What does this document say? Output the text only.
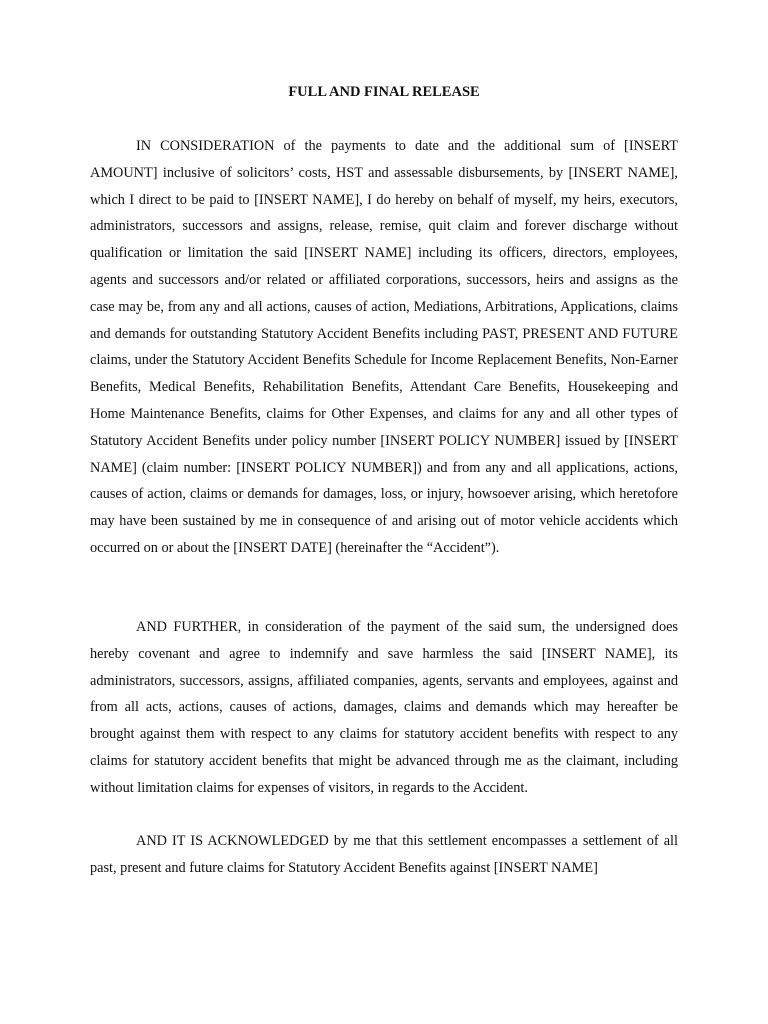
FULL AND FINAL RELEASE

IN CONSIDERATION of the payments to date and the additional sum of [INSERT AMOUNT] inclusive of solicitors’ costs, HST and assessable disbursements, by [INSERT NAME], which I direct to be paid to [INSERT NAME], I do hereby on behalf of myself, my heirs, executors, administrators, successors and assigns, release, remise, quit claim and forever discharge without qualification or limitation the said [INSERT NAME] including its officers, directors, employees, agents and successors and/or related or affiliated corporations, successors, heirs and assigns as the case may be, from any and all actions, causes of action, Mediations, Arbitrations, Applications, claims and demands for outstanding Statutory Accident Benefits including PAST, PRESENT AND FUTURE claims, under the Statutory Accident Benefits Schedule for Income Replacement Benefits, Non-Earner Benefits, Medical Benefits, Rehabilitation Benefits, Attendant Care Benefits, Housekeeping and Home Maintenance Benefits, claims for Other Expenses, and claims for any and all other types of Statutory Accident Benefits under policy number [INSERT POLICY NUMBER] issued by [INSERT NAME] (claim number: [INSERT POLICY NUMBER]) and from any and all applications, actions, causes of action, claims or demands for damages, loss, or injury, howsoever arising, which heretofore may have been sustained by me in consequence of and arising out of motor vehicle accidents which occurred on or about the [INSERT DATE] (hereinafter the “Accident”).

AND FURTHER, in consideration of the payment of the said sum, the undersigned does hereby covenant and agree to indemnify and save harmless the said [INSERT NAME], its administrators, successors, assigns, affiliated companies, agents, servants and employees, against and from all acts, actions, causes of actions, damages, claims and demands which may hereafter be brought against them with respect to any claims for statutory accident benefits with respect to any claims for statutory accident benefits that might be advanced through me as the claimant, including without limitation claims for expenses of visitors, in regards to the Accident.

AND IT IS ACKNOWLEDGED by me that this settlement encompasses a settlement of all past, present and future claims for Statutory Accident Benefits against [INSERT NAME]
